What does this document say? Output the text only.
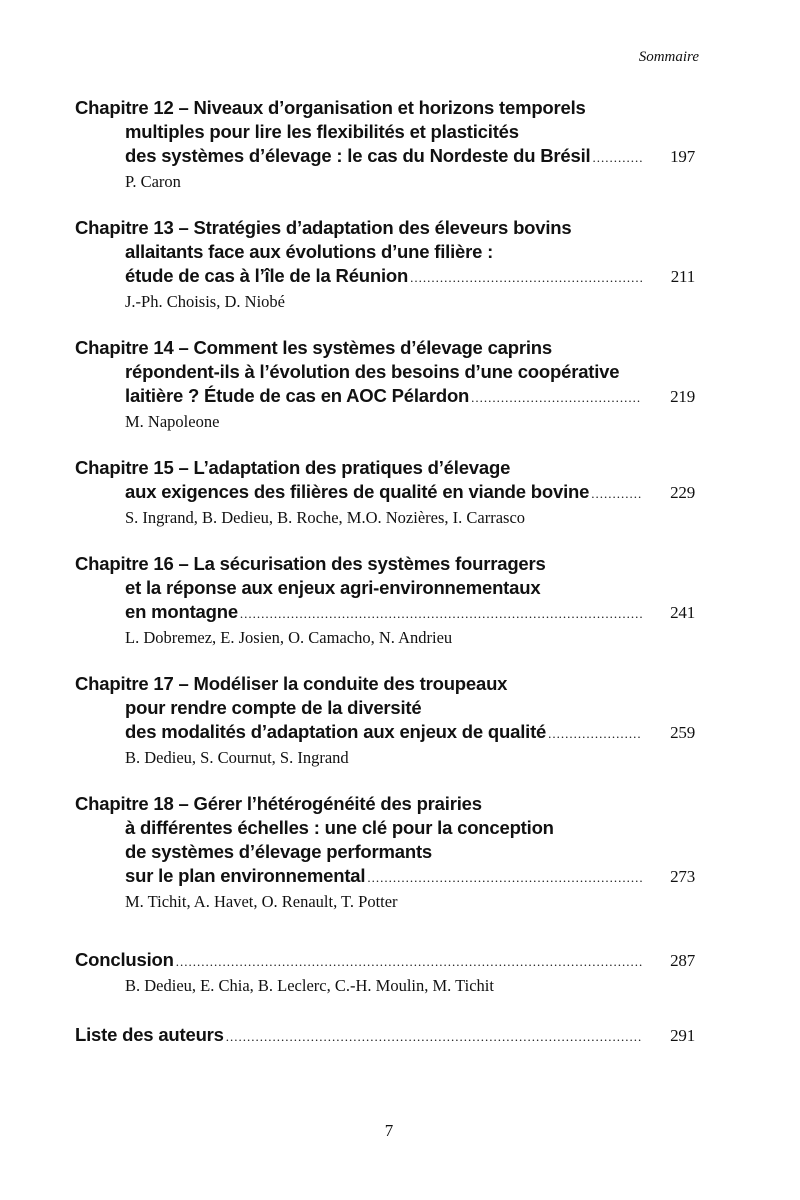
Sommaire
Chapitre 12 – Niveaux d’organisation et horizons temporels
multiples pour lire les flexibilités et plasticités
des systèmes d’élevage : le cas du Nordeste du Brésil .....	197
P. Caron
Chapitre 13 – Stratégies d’adaptation des éleveurs bovins
allaitants face aux évolutions d’une filière :
étude de cas à l’île de la Réunion .....	211
J.-Ph. Choisis, D. Niobé
Chapitre 14 – Comment les systèmes d’élevage caprins
répondent-ils à l’évolution des besoins d’une coopérative
laitière ? Étude de cas en AOC Pélardon .....	219
M. Napoleone
Chapitre 15 – L’adaptation des pratiques d’élevage
aux exigences des filières de qualité en viande bovine .....	229
S. Ingrand, B. Dedieu, B. Roche, M.O. Nozières, I. Carrasco
Chapitre 16 – La sécurisation des systèmes fourragers
et la réponse aux enjeux agri-environnementaux
en montagne .....	241
L. Dobremez, E. Josien, O. Camacho, N. Andrieu
Chapitre 17 – Modéliser la conduite des troupeaux
pour rendre compte de la diversité
des modalités d’adaptation aux enjeux de qualité .....	259
B. Dedieu, S. Cournut, S. Ingrand
Chapitre 18 – Gérer l’hétérogénéité des prairies
à différentes échelles : une clé pour la conception
de systèmes d’élevage performants
sur le plan environnemental .....	273
M. Tichit, A. Havet, O. Renault, T. Potter
Conclusion .....	287
B. Dedieu, E. Chia, B. Leclerc, C.-H. Moulin, M. Tichit
Liste des auteurs .....	291
7
